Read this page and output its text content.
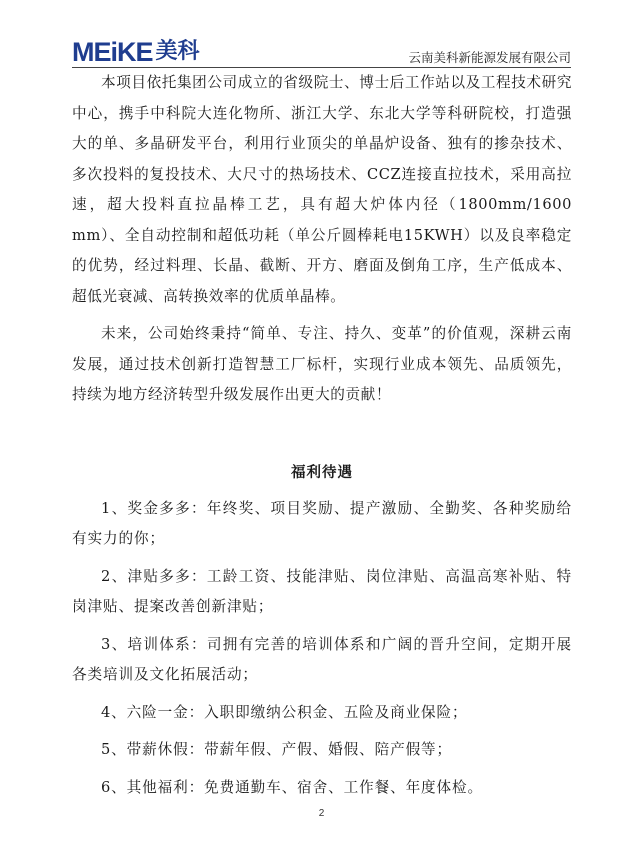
MEiKE 美科	云南美科新能源发展有限公司

本项目依托集团公司成立的省级院士、博士后工作站以及工程技术研究中心，携手中科院大连化物所、浙江大学、东北大学等科研院校，打造强大的单、多晶研发平台，利用行业顶尖的单晶炉设备、独有的掺杂技术、多次投料的复投技术、大尺寸的热场技术、CCZ连接直拉技术，采用高拉速，超大投料直拉晶棒工艺，具有超大炉体内径（1800mm/1600 mm）、全自动控制和超低功耗（单公斤圆棒耗电15KWH）以及良率稳定的优势，经过料理、长晶、截断、开方、磨面及倒角工序，生产低成本、超低光衰减、高转换效率的优质单晶棒。

未来，公司始终秉持“简单、专注、持久、变革”的价值观，深耕云南发展，通过技术创新打造智慧工厂标杆，实现行业成本领先、品质领先，持续为地方经济转型升级发展作出更大的贡献！

福利待遇

1、奖金多多：年终奖、项目奖励、提产激励、全勤奖、各种奖励给有实力的你；

2、津贴多多：工龄工资、技能津贴、岗位津贴、高温高寒补贴、特岗津贴、提案改善创新津贴；

3、培训体系：司拥有完善的培训体系和广阔的晋升空间，定期开展各类培训及文化拓展活动；

4、六险一金：入职即缴纳公积金、五险及商业保险；

5、带薪休假：带薪年假、产假、婚假、陪产假等；

6、其他福利：免费通勤车、宿舍、工作餐、年度体检。

2
